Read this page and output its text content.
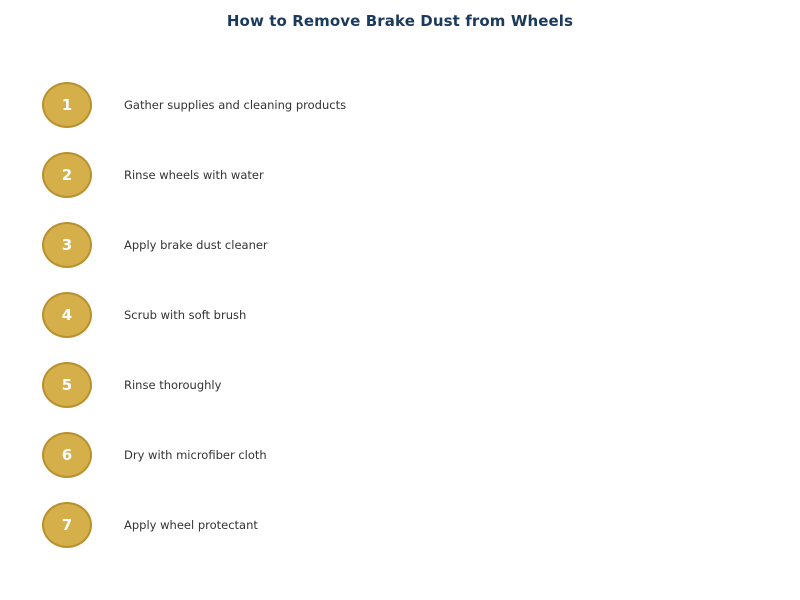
How to Remove Brake Dust from Wheels
1	Gather supplies and cleaning products
2	Rinse wheels with water
3	Apply brake dust cleaner
4	Scrub with soft brush
5	Rinse thoroughly
6	Dry with microfiber cloth
7	Apply wheel protectant
